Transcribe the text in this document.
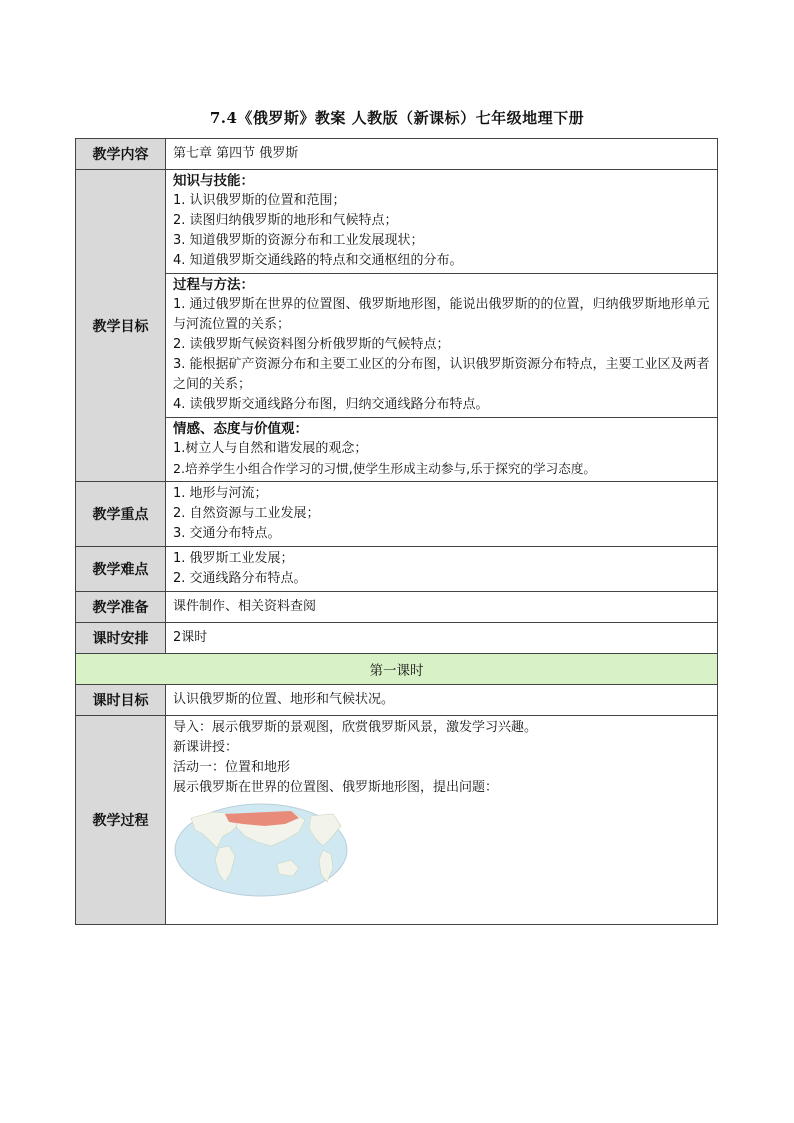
7.4《俄罗斯》教案 人教版（新课标）七年级地理下册
教学内容	第七章 第四节 俄罗斯
教学目标	知识与技能：
1. 认识俄罗斯的位置和范围；
2. 读图归纳俄罗斯的地形和气候特点；
3. 知道俄罗斯的资源分布和工业发展现状；
4. 知道俄罗斯交通线路的特点和交通枢纽的分布。

	过程与方法：
1. 通过俄罗斯在世界的位置图、俄罗斯地形图，能说出俄罗斯的的位置，归纳俄罗斯地形单元与河流位置的关系；
2. 读俄罗斯气候资料图分析俄罗斯的气候特点；
3. 能根据矿产资源分布和主要工业区的分布图，认识俄罗斯资源分布特点，主要工业区及两者之间的关系；
4. 读俄罗斯交通线路分布图，归纳交通线路分布特点。

	情感、态度与价值观：
1.树立人与自然和谐发展的观念；
2.培养学生小组合作学习的习惯,使学生形成主动参与,乐于探究的学习态度。

教学重点	1. 地形与河流；
2. 自然资源与工业发展；
3. 交通分布特点。

教学难点	1. 俄罗斯工业发展；
2. 交通线路分布特点。

教学准备	课件制作、相关资料查阅
课时安排	2课时
第一课时	
课时目标	认识俄罗斯的位置、地形和气候状况。
教学过程	导入：展示俄罗斯的景观图，欣赏俄罗斯风景，激发学习兴趣。
新课讲授：
活动一：位置和地形
展示俄罗斯在世界的位置图、俄罗斯地形图，提出问题：
